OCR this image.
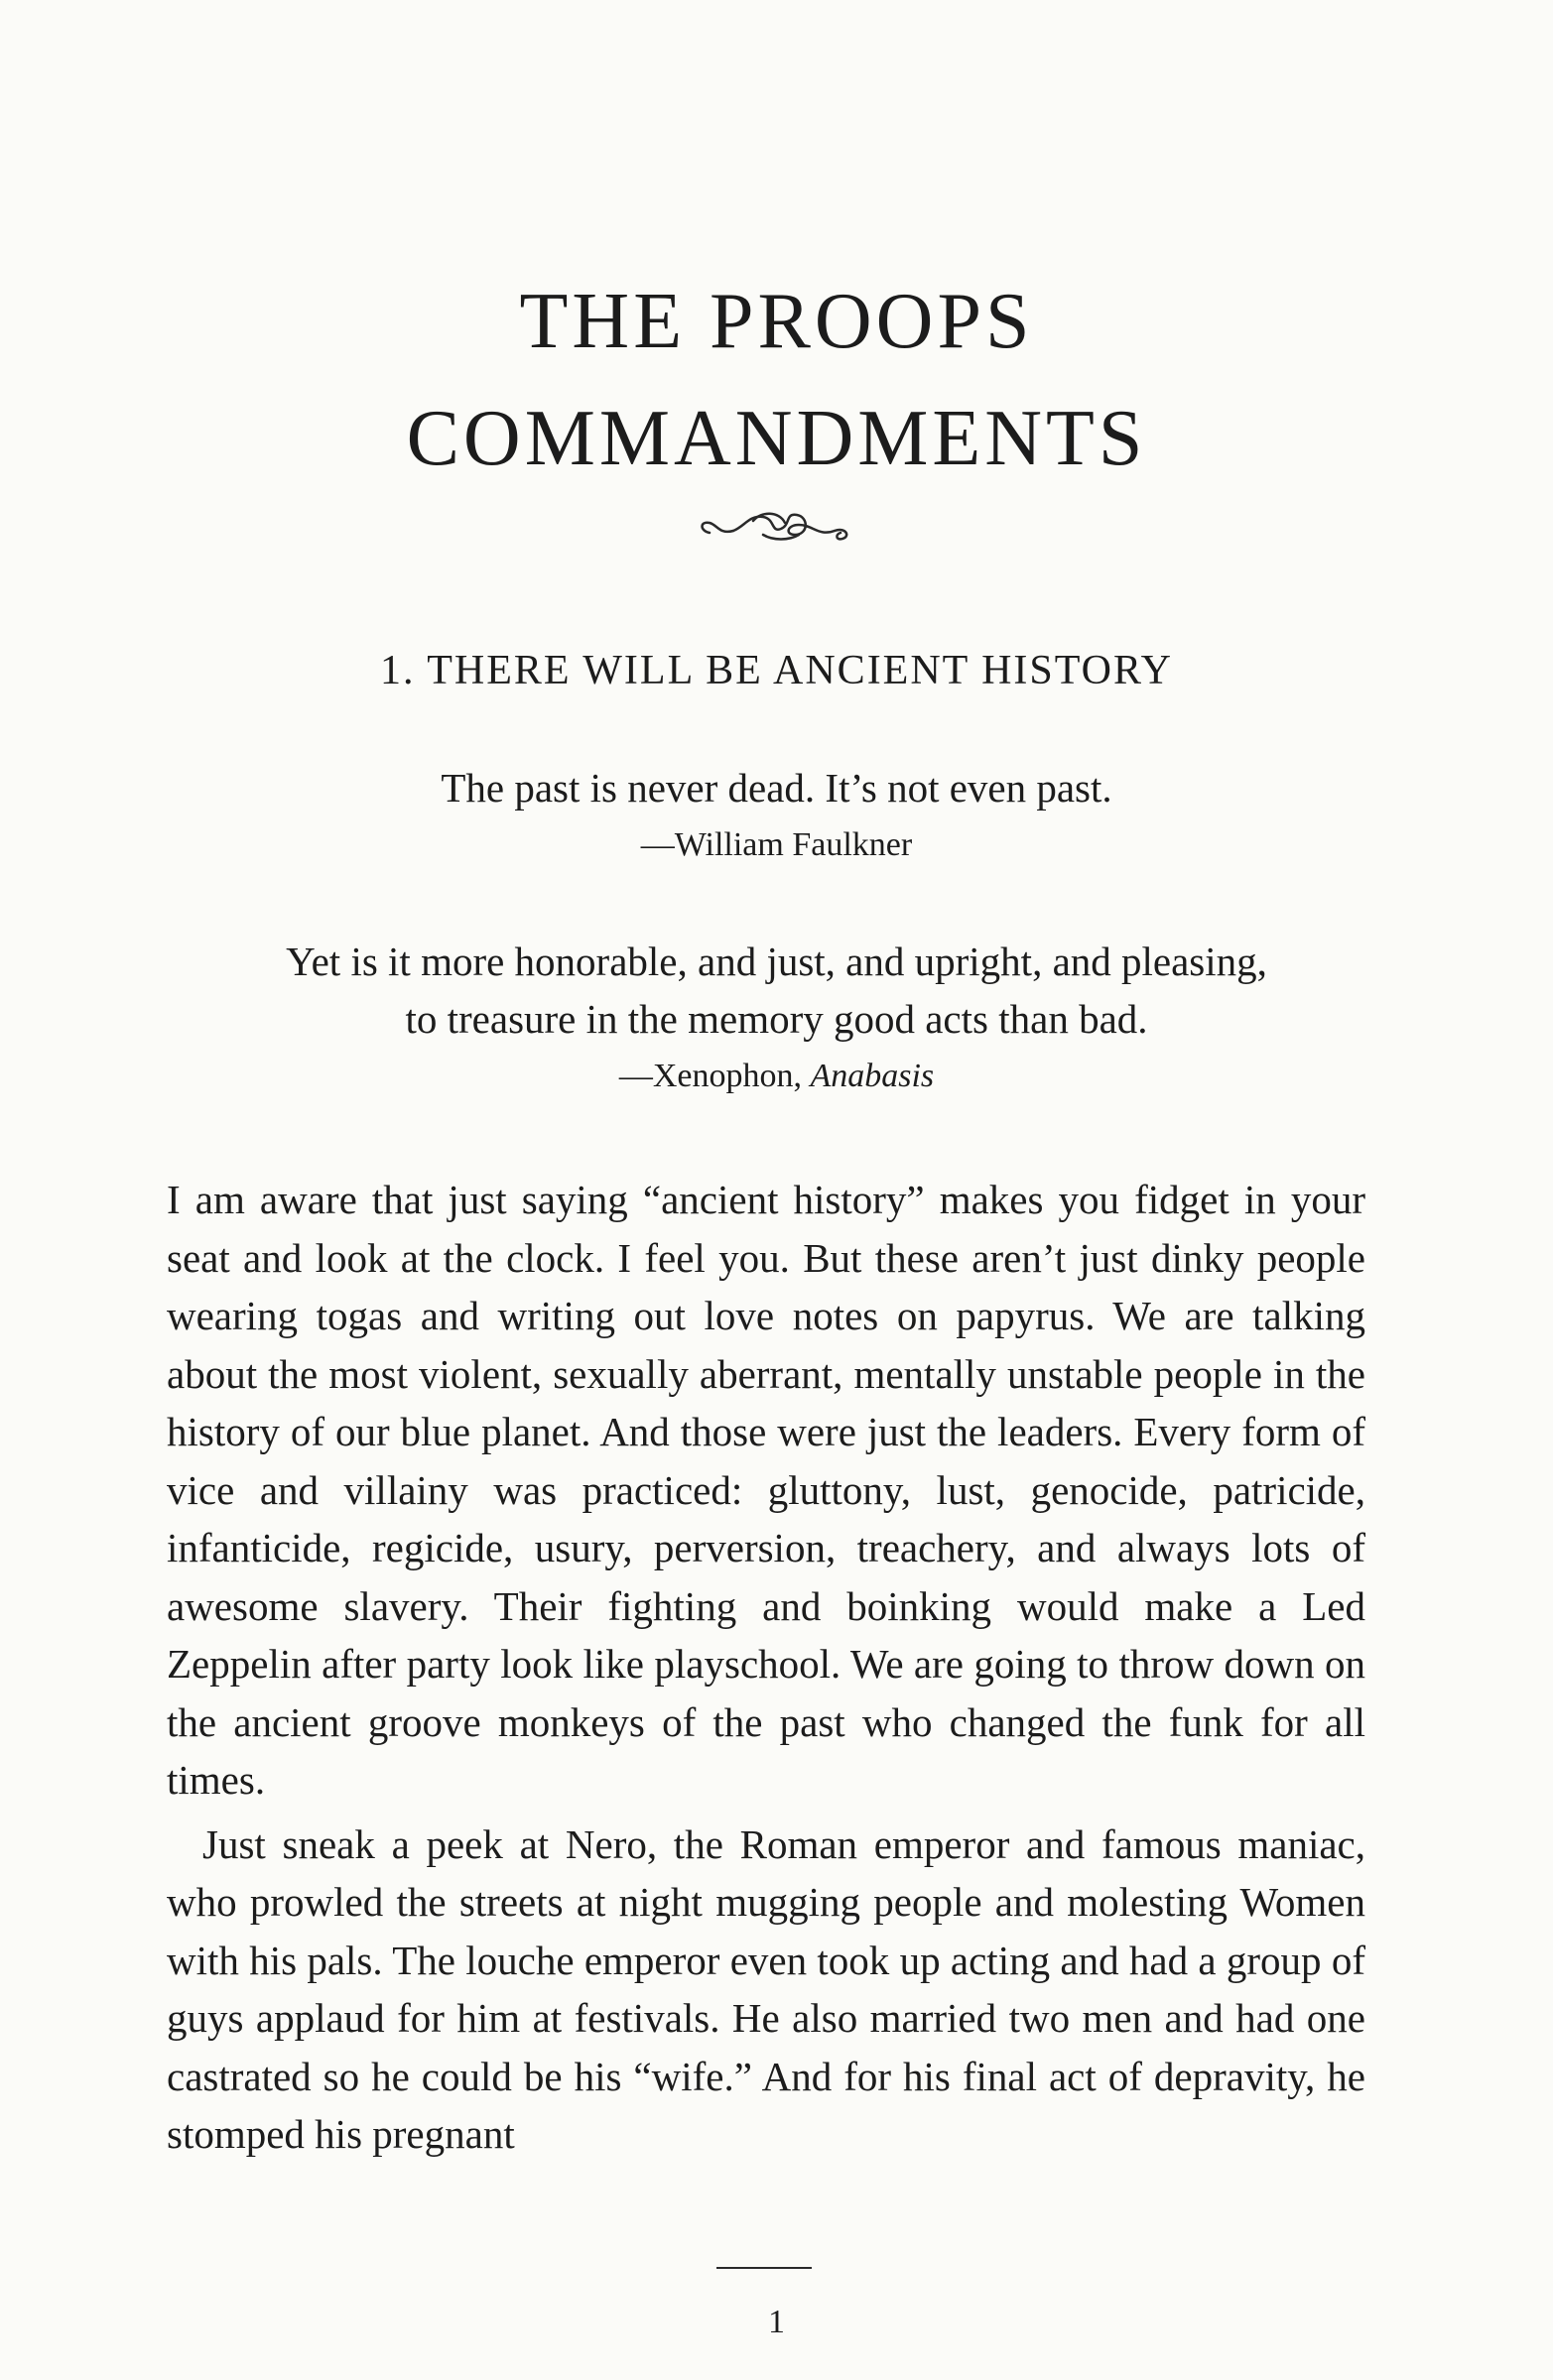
THE PROOPS
COMMANDMENTS
1. THERE WILL BE ANCIENT HISTORY
The past is never dead. It’s not even past.
—William Faulkner
Yet is it more honorable, and just, and upright, and pleasing,
to treasure in the memory good acts than bad.
—Xenophon, Anabasis

I am aware that just saying “ancient history” makes you fidget in your seat and look at the clock. I feel you. But these aren’t just dinky people wearing togas and writing out love notes on papyrus. We are talking about the most violent, sexually aberrant, mentally unstable people in the history of our blue planet. And those were just the leaders. Every form of vice and villainy was practiced: gluttony, lust, genocide, patricide, infanticide, regicide, usury, perversion, treachery, and always lots of awesome slavery. Their fighting and boinking would make a Led Zeppelin after party look like playschool. We are going to throw down on the ancient groove monkeys of the past who changed the funk for all times.

Just sneak a peek at Nero, the Roman emperor and famous maniac, who prowled the streets at night mugging people and molesting Women with his pals. The louche emperor even took up acting and had a group of guys applaud for him at festivals. He also married two men and had one castrated so he could be his “wife.” And for his final act of depravity, he stomped his pregnant

1
